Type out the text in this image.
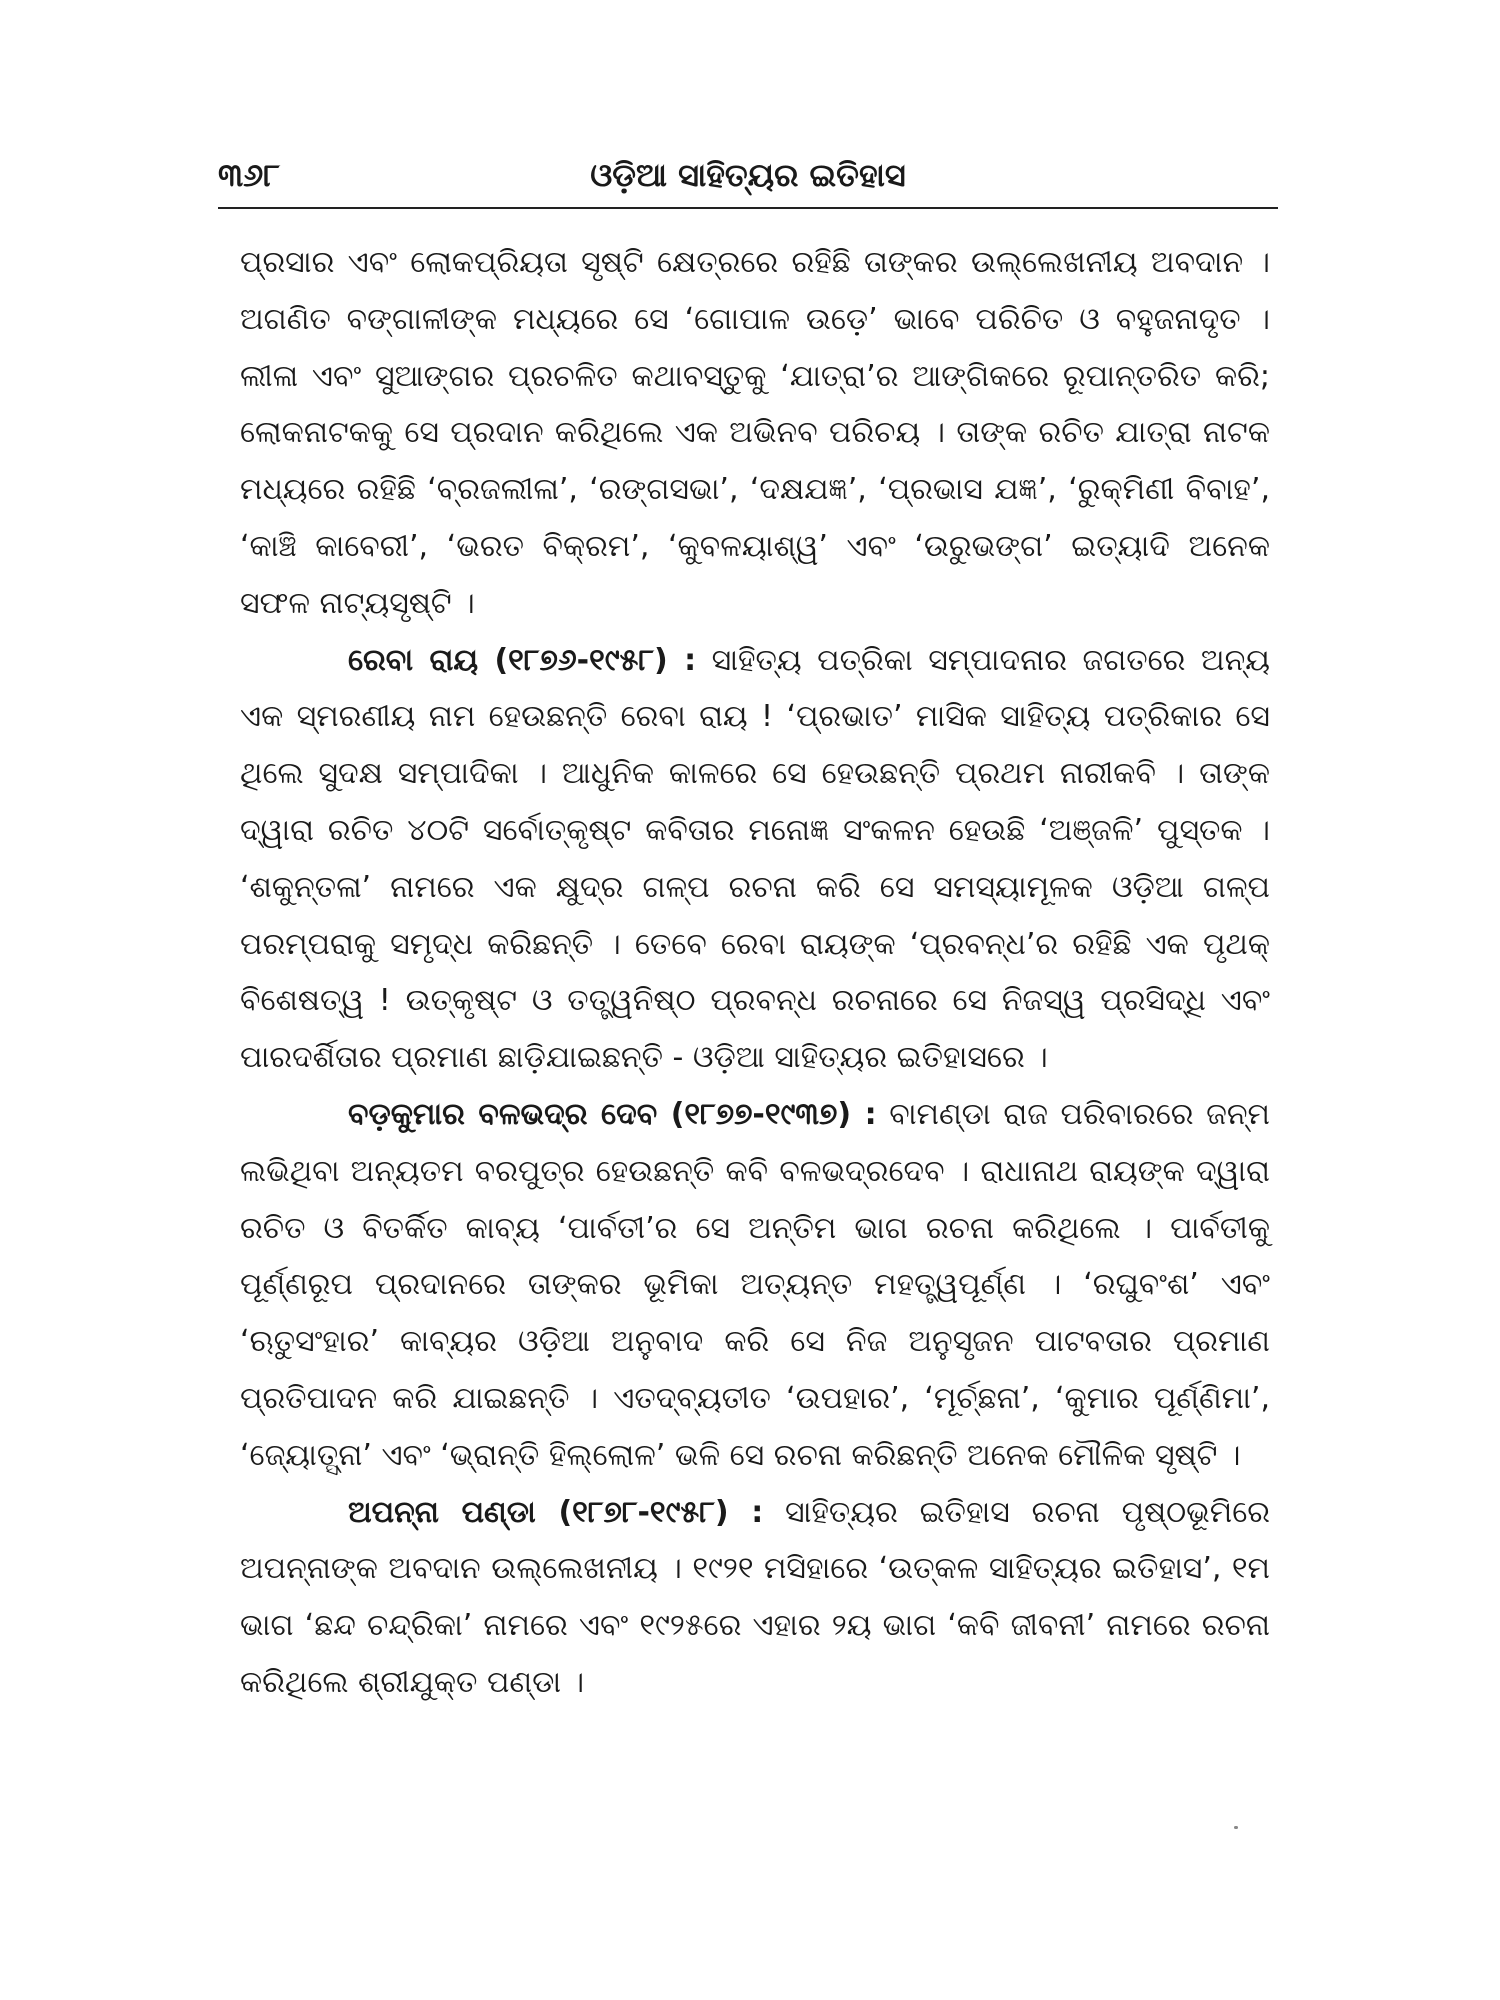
୩୬୮	ଓଡ଼ିଆ ସାହିତ୍ୟର ଇତିହାସ

ପ୍ରସାର ଏବଂ ଲୋକପ୍ରିୟତା ସୃଷ୍ଟି କ୍ଷେତ୍ରରେ ରହିଛି ତାଙ୍କର ଉଲ୍ଲେଖନୀୟ ଅବଦାନ । ଅଗଣିତ ବଙ୍ଗାଳୀଙ୍କ ମଧ୍ୟରେ ସେ ‘ଗୋପାଳ ଉଡ଼େ’ ଭାବେ ପରିଚିତ ଓ ବହୁଜନାଦୃତ । ଲୀଳା ଏବଂ ସୁଆଙ୍ଗର ପ୍ରଚଳିତ କଥାବସ୍ତୁକୁ ‘ଯାତ୍ରା’ର ଆଙ୍ଗିକରେ ରୂପାନ୍ତରିତ କରି; ଲୋକନାଟକକୁ ସେ ପ୍ରଦାନ କରିଥିଲେ ଏକ ଅଭିନବ ପରିଚୟ । ତାଙ୍କ ରଚିତ ଯାତ୍ରା ନାଟକ ମଧ୍ୟରେ ରହିଛି ‘ବ୍ରଜଲୀଳା’, ‘ରଙ୍ଗସଭା’, ‘ଦକ୍ଷଯଜ୍ଞ’, ‘ପ୍ରଭାସ ଯଜ୍ଞ’, ‘ରୁକ୍ମିଣୀ ବିବାହ’, ‘କାଞ୍ଚି କାବେରୀ’, ‘ଭରତ ବିକ୍ରମ’, ‘କୁବଳୟାଶ୍ୱ’ ଏବଂ ‘ଉରୁଭଙ୍ଗ’ ଇତ୍ୟାଦି ଅନେକ ସଫଳ ନାଟ୍ୟସୃଷ୍ଟି ।

ରେବା ରାୟ (୧୮୭୬-୧୯୫୮) : ସାହିତ୍ୟ ପତ୍ରିକା ସମ୍ପାଦନାର ଜଗତରେ ଅନ୍ୟ ଏକ ସ୍ମରଣୀୟ ନାମ ହେଉଛନ୍ତି ରେବା ରାୟ ! ‘ପ୍ରଭାତ’ ମାସିକ ସାହିତ୍ୟ ପତ୍ରିକାର ସେ ଥିଲେ ସୁଦକ୍ଷ ସମ୍ପାଦିକା । ଆଧୁନିକ କାଳରେ ସେ ହେଉଛନ୍ତି ପ୍ରଥମ ନାରୀକବି । ତାଙ୍କ ଦ୍ୱାରା ରଚିତ ୪୦ଟି ସର୍ବୋତ୍କୃଷ୍ଟ କବିତାର ମନୋଜ୍ଞ ସଂକଳନ ହେଉଛି ‘ଅଞ୍ଜଳି’ ପୁସ୍ତକ । ‘ଶକୁନ୍ତଳା’ ନାମରେ ଏକ କ୍ଷୁଦ୍ର ଗଳ୍ପ ରଚନା କରି ସେ ସମସ୍ୟାମୂଳକ ଓଡ଼ିଆ ଗଳ୍ପ ପରମ୍ପରାକୁ ସମୃଦ୍ଧ କରିଛନ୍ତି । ତେବେ ରେବା ରାୟଙ୍କ ‘ପ୍ରବନ୍ଧ’ର ରହିଛି ଏକ ପୃଥକ୍ ବିଶେଷତ୍ୱ ! ଉତ୍କୃଷ୍ଟ ଓ ତତ୍ତ୍ୱନିଷ୍ଠ ପ୍ରବନ୍ଧ ରଚନାରେ ସେ ନିଜସ୍ୱ ପ୍ରସିଦ୍ଧି ଏବଂ ପାରଦର୍ଶିତାର ପ୍ରମାଣ ଛାଡ଼ିଯାଇଛନ୍ତି - ଓଡ଼ିଆ ସାହିତ୍ୟର ଇତିହାସରେ ।

ବଡ଼କୁମାର ବଳଭଦ୍ର ଦେବ (୧୮୭୭-୧୯୩୭) : ବାମଣ୍ଡା ରାଜ ପରିବାରରେ ଜନ୍ମ ଲଭିଥିବା ଅନ୍ୟତମ ବରପୁତ୍ର ହେଉଛନ୍ତି କବି ବଳଭଦ୍ରଦେବ । ରାଧାନାଥ ରାୟଙ୍କ ଦ୍ୱାରା ରଚିତ ଓ ବିତର୍କିତ କାବ୍ୟ ‘ପାର୍ବତୀ’ର ସେ ଅନ୍ତିମ ଭାଗ ରଚନା କରିଥିଲେ । ପାର୍ବତୀକୁ ପୂର୍ଣ୍ଣରୂପ ପ୍ରଦାନରେ ତାଙ୍କର ଭୂମିକା ଅତ୍ୟନ୍ତ ମହତ୍ତ୍ୱପୂର୍ଣ୍ଣ । ‘ରଘୁବଂଶ’ ଏବଂ ‘ଋତୁସଂହାର’ କାବ୍ୟର ଓଡ଼ିଆ ଅନୁବାଦ କରି ସେ ନିଜ ଅନୁସୃଜନ ପାଟବତାର ପ୍ରମାଣ ପ୍ରତିପାଦନ କରି ଯାଇଛନ୍ତି । ଏତଦ୍‌ବ୍ୟତୀତ ‘ଉପହାର’, ‘ମୂର୍ଚ୍ଛନା’, ‘କୁମାର ପୂର୍ଣ୍ଣିମା’, ‘ଜ୍ୟୋତ୍ସ୍ନା’ ଏବଂ ‘ଭ୍ରାନ୍ତି ହିଲ୍ଲୋଳ’ ଭଳି ସେ ରଚନା କରିଛନ୍ତି ଅନେକ ମୌଳିକ ସୃଷ୍ଟି ।

ଅପନ୍ନା ପଣ୍ଡା (୧୮୭୮-୧୯୫୮) : ସାହିତ୍ୟର ଇତିହାସ ରଚନା ପୃଷ୍ଠଭୂମିରେ ଅପନ୍ନାଙ୍କ ଅବଦାନ ଉଲ୍ଲେଖନୀୟ । ୧୯୨୧ ମସିହାରେ ‘ଉତ୍କଳ ସାହିତ୍ୟର ଇତିହାସ’, ୧ମ ଭାଗ ‘ଛନ୍ଦ ଚନ୍ଦ୍ରିକା’ ନାମରେ ଏବଂ ୧୯୨୫ରେ ଏହାର ୨ୟ ଭାଗ ‘କବି ଜୀବନୀ’ ନାମରେ ରଚନା କରିଥିଲେ ଶ୍ରୀଯୁକ୍ତ ପଣ୍ଡା ।
